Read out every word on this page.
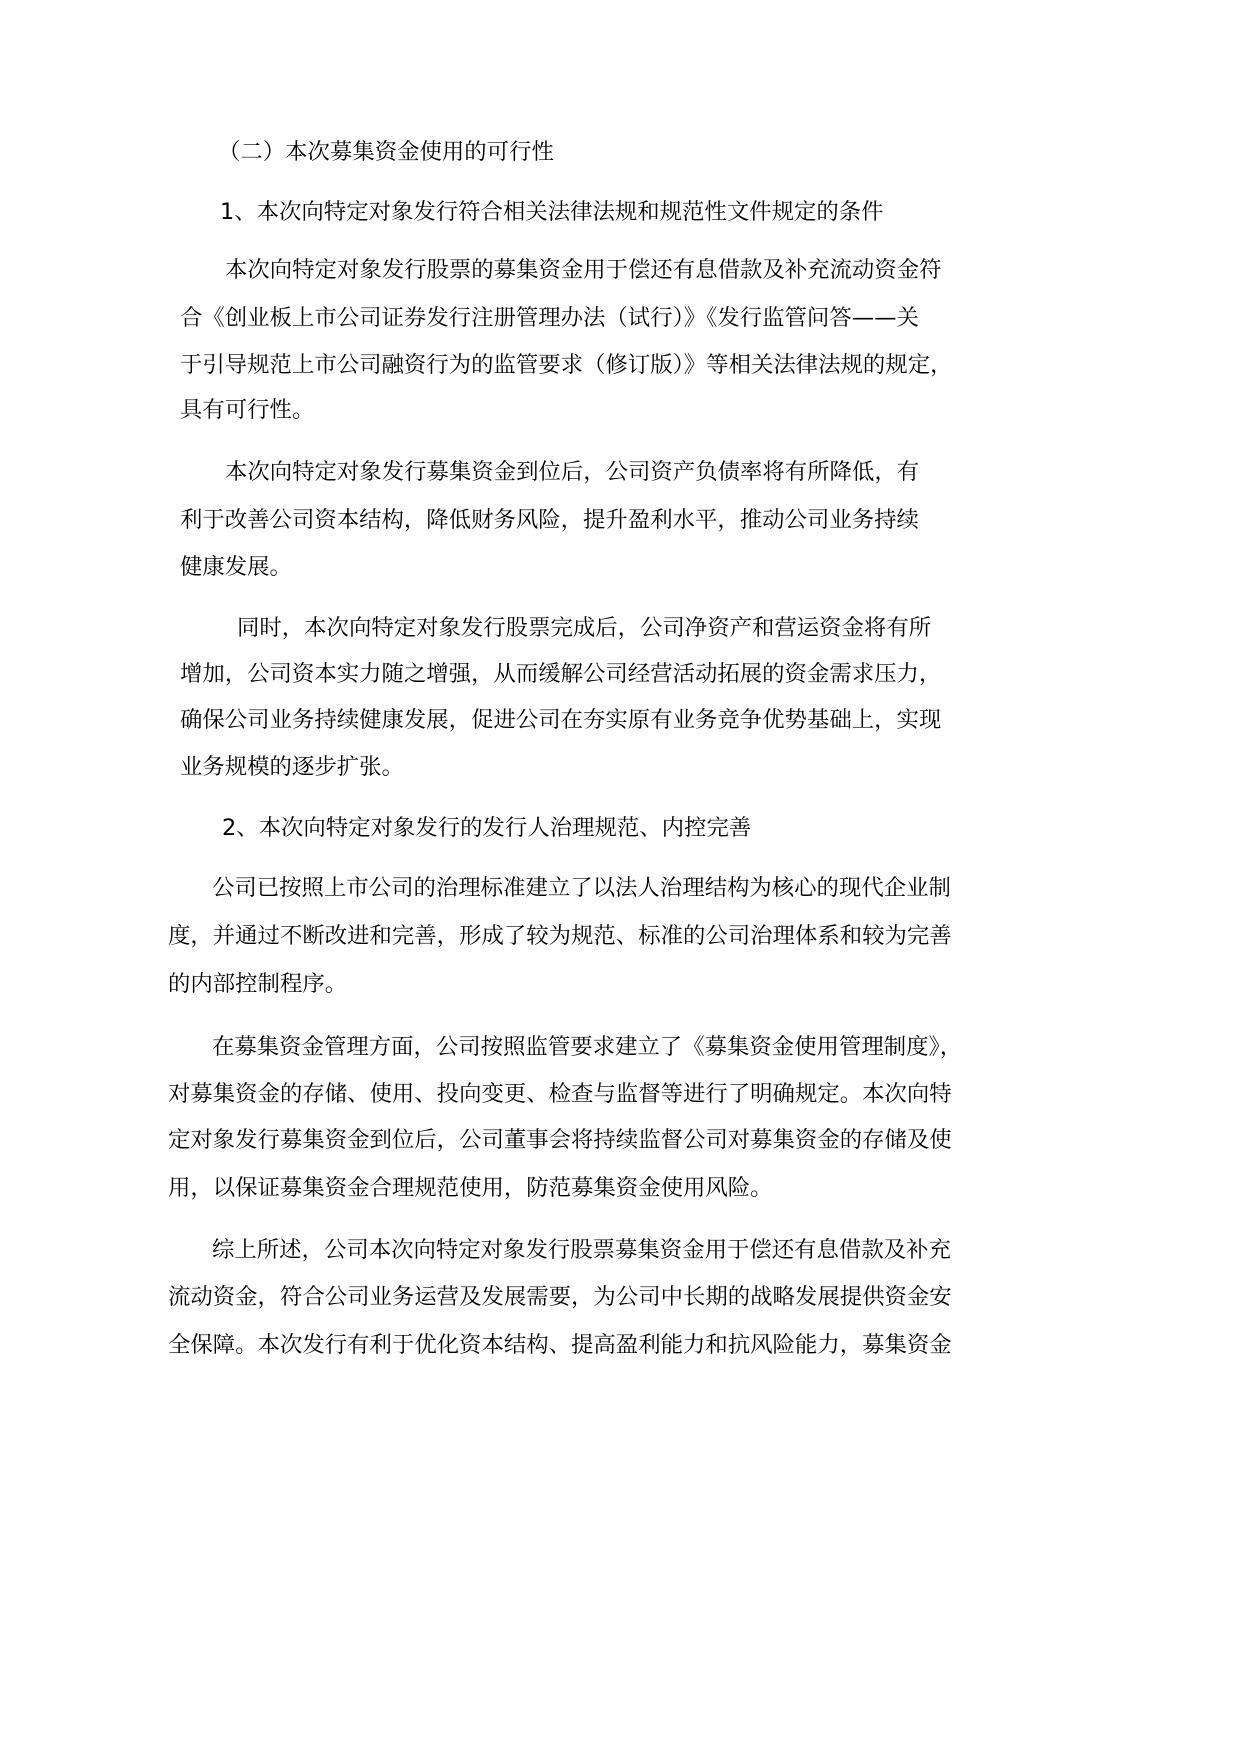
（二）本次募集资金使用的可行性
1、本次向特定对象发行符合相关法律法规和规范性文件规定的条件
本次向特定对象发行股票的募集资金用于偿还有息借款及补充流动资金符
合《创业板上市公司证券发行注册管理办法（试行）》《发行监管问答——关
于引导规范上市公司融资行为的监管要求（修订版）》等相关法律法规的规定，
具有可行性。
本次向特定对象发行募集资金到位后，公司资产负债率将有所降低，有
利于改善公司资本结构，降低财务风险，提升盈利水平，推动公司业务持续
健康发展。
同时，本次向特定对象发行股票完成后，公司净资产和营运资金将有所
增加，公司资本实力随之增强，从而缓解公司经营活动拓展的资金需求压力，
确保公司业务持续健康发展，促进公司在夯实原有业务竞争优势基础上，实现
业务规模的逐步扩张。
2、本次向特定对象发行的发行人治理规范、内控完善
公司已按照上市公司的治理标准建立了以法人治理结构为核心的现代企业制
度，并通过不断改进和完善，形成了较为规范、标准的公司治理体系和较为完善
的内部控制程序。
在募集资金管理方面，公司按照监管要求建立了《募集资金使用管理制度》，
对募集资金的存储、使用、投向变更、检查与监督等进行了明确规定。本次向特
定对象发行募集资金到位后，公司董事会将持续监督公司对募集资金的存储及使
用，以保证募集资金合理规范使用，防范募集资金使用风险。
综上所述，公司本次向特定对象发行股票募集资金用于偿还有息借款及补充
流动资金，符合公司业务运营及发展需要，为公司中长期的战略发展提供资金安
全保障。本次发行有利于优化资本结构、提高盈利能力和抗风险能力，募集资金
